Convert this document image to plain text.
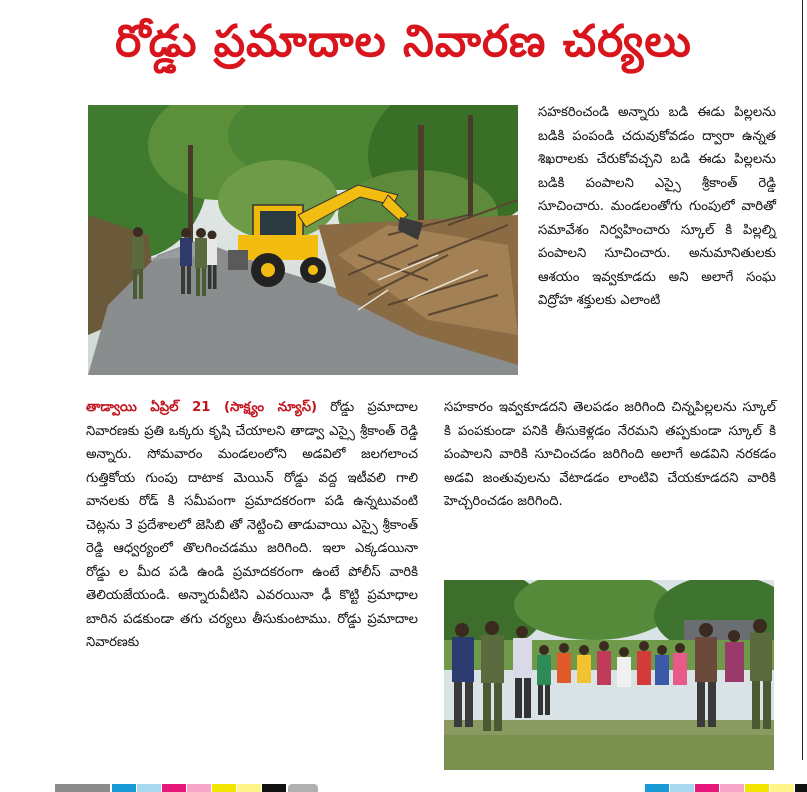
రోడ్డు ప్రమాదాల నివారణ చర్యలు

సహకరించండి అన్నారు బడి ఈడు పిల్లలను బడికి పంపండి చదువుకోవడం ద్వారా ఉన్నత శిఖరాలకు చేరుకోవచ్చని బడి ఈడు పిల్లలను బడికి పంపాలని ఎస్సై శ్రీకాంత్ రెడ్డి సూచించారు. మండలంతోగు గుంపులో వారితో సమావేశం నిర్వహించారు స్కూల్ కి పిల్లల్ని పంపాలని సూచించారు. అనుమానితులకు ఆశయం ఇవ్వకూడదు అని అలాగే సంఘ విద్రోహ శక్తులకు ఎలాంటి

తాడ్వాయి ఏప్రిల్ 21 (సాక్ష్యం న్యూస్) రోడ్డు ప్రమాదాల నివారణకు ప్రతి ఒక్కరు కృషి చేయాలని తాడ్వా ఎస్సై శ్రీకాంత్ రెడ్డి అన్నారు. సోమవారం మండలంలోని అడవిలో జలగలాంచ గుత్తికోయ గుంపు దాటాక మెయిన్ రోడ్డు వద్ద ఇటీవలి గాలి వానలకు రోడ్ కి సమీపంగా ప్రమాదకరంగా పడి ఉన్నటువంటి చెట్లను 3 ప్రదేశాలలో జెసిబి తో నెట్టించి తాడువాయి ఎస్సై శ్రీకాంత్ రెడ్డి ఆధ్వర్యంలో తొలగించడము జరిగింది. ఇలా ఎక్కడయినా రోడ్డు ల మీద పడి ఉండి ప్రమాదకరంగా ఉంటే పోలీస్ వారికి తెలియజేయండి. అన్నారువీటిని ఎవరయినా ఢీ కొట్టి ప్రమాధాల బారిన పడకుండా తగు చర్యలు తీసుకుంటాము. రోడ్డు ప్రమాదాల నివారణకు

సహకారం ఇవ్వకూడదని తెలపడం జరిగింది చిన్నపిల్లలను స్కూల్ కి పంపకుండా పనికి తీసుకెళ్లడం నేరమని తప్పకుండా స్కూల్ కి పంపాలని వారికి సూచించడం జరిగింది అలాగే అడవిని నరకడం అడవి జంతువులను వేటాడడం లాంటివి చేయకూడదని వారికి హెచ్చరించడం జరిగింది.
